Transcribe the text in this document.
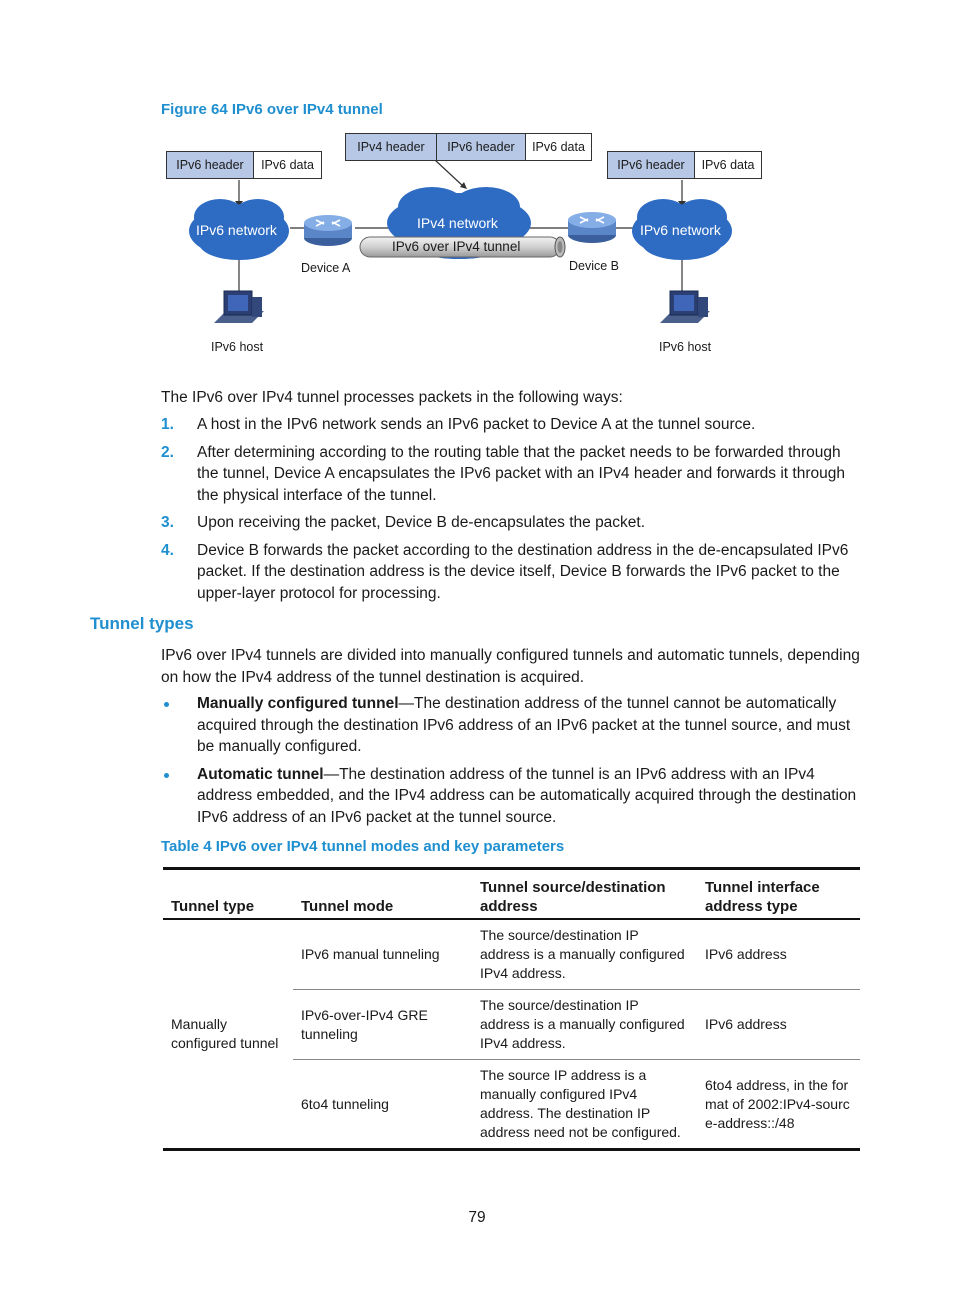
Figure 64 IPv6 over IPv4 tunnel
IPv6 header	IPv6 data
IPv4 header	IPv6 header	IPv6 data
IPv6 header	IPv6 data
IPv6 network	IPv4 network	IPv6 network
IPv6 over IPv4 tunnel
Device A	Device B
IPv6 host	IPv6 host
The IPv6 over IPv4 tunnel processes packets in the following ways:
1. A host in the IPv6 network sends an IPv6 packet to Device A at the tunnel source.
2. After determining according to the routing table that the packet needs to be forwarded through the tunnel, Device A encapsulates the IPv6 packet with an IPv4 header and forwards it through the physical interface of the tunnel.
3. Upon receiving the packet, Device B de-encapsulates the packet.
4. Device B forwards the packet according to the destination address in the de-encapsulated IPv6 packet. If the destination address is the device itself, Device B forwards the IPv6 packet to the upper-layer protocol for processing.
Tunnel types
IPv6 over IPv4 tunnels are divided into manually configured tunnels and automatic tunnels, depending on how the IPv4 address of the tunnel destination is acquired.
Manually configured tunnel—The destination address of the tunnel cannot be automatically acquired through the destination IPv6 address of an IPv6 packet at the tunnel source, and must be manually configured.
Automatic tunnel—The destination address of the tunnel is an IPv6 address with an IPv4 address embedded, and the IPv4 address can be automatically acquired through the destination IPv6 address of an IPv6 packet at the tunnel source.
Table 4 IPv6 over IPv4 tunnel modes and key parameters
Tunnel type	Tunnel mode	Tunnel source/destination address	Tunnel interface address type
Manually configured tunnel	IPv6 manual tunneling	The source/destination IP address is a manually configured IPv4 address.	IPv6 address
	IPv6-over-IPv4 GRE tunneling	The source/destination IP address is a manually configured IPv4 address.	IPv6 address
	6to4 tunneling	The source IP address is a manually configured IPv4 address. The destination IP address need not be configured.	6to4 address, in the format of 2002:IPv4-source-address::/48
79
